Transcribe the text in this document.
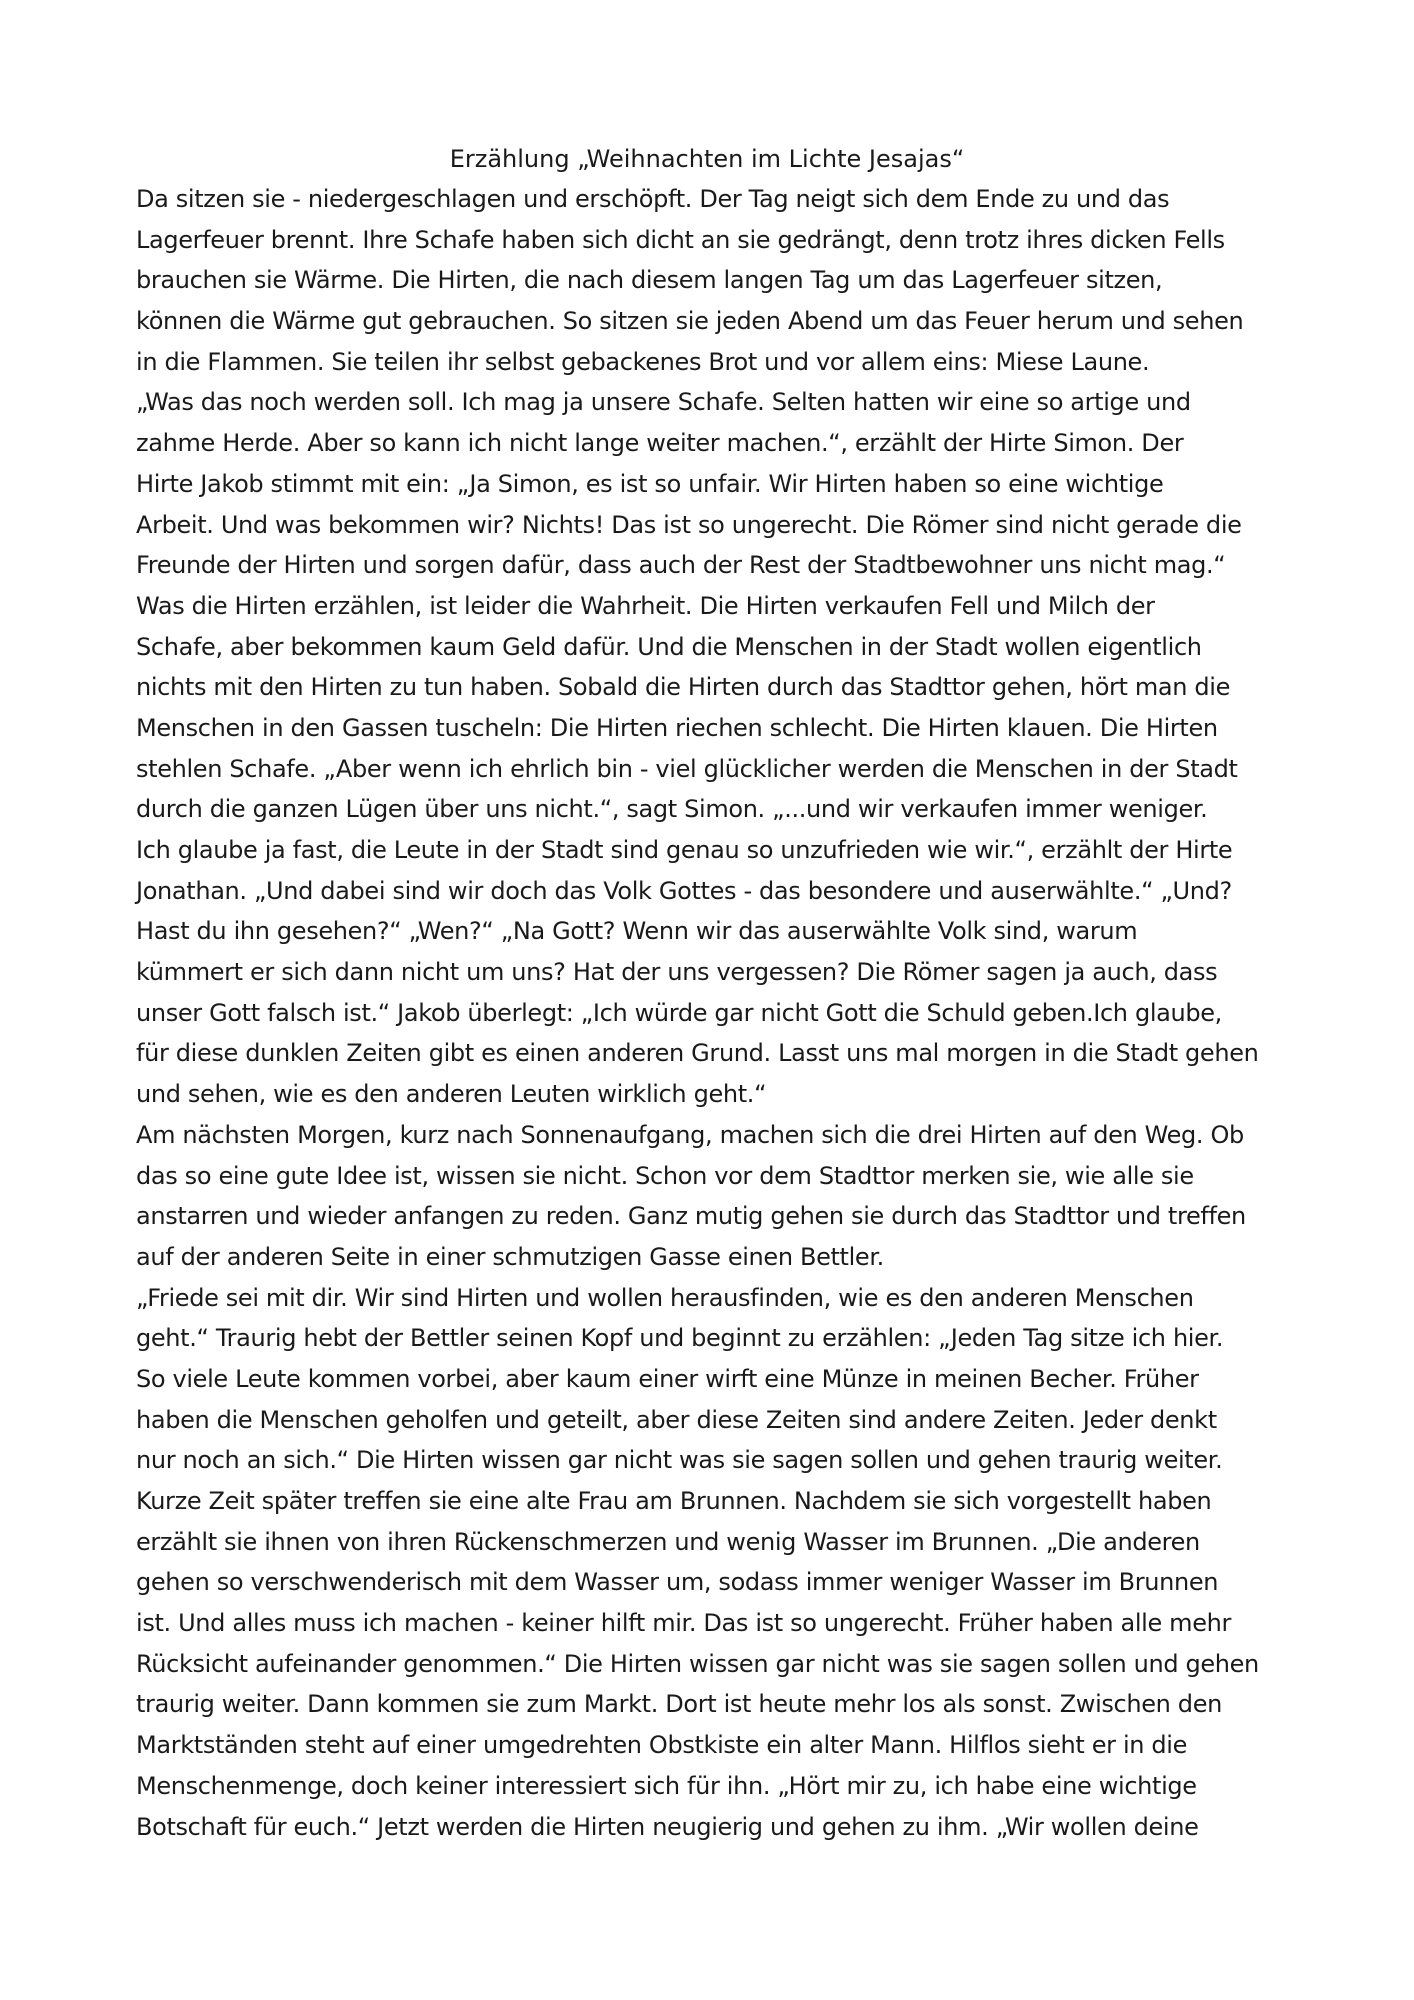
Erzählung „Weihnachten im Lichte Jesajas“
Da sitzen sie - niedergeschlagen und erschöpft. Der Tag neigt sich dem Ende zu und das
Lagerfeuer brennt. Ihre Schafe haben sich dicht an sie gedrängt, denn trotz ihres dicken Fells
brauchen sie Wärme. Die Hirten, die nach diesem langen Tag um das Lagerfeuer sitzen,
können die Wärme gut gebrauchen. So sitzen sie jeden Abend um das Feuer herum und sehen
in die Flammen. Sie teilen ihr selbst gebackenes Brot und vor allem eins: Miese Laune.
„Was das noch werden soll. Ich mag ja unsere Schafe. Selten hatten wir eine so artige und
zahme Herde. Aber so kann ich nicht lange weiter machen.“, erzählt der Hirte Simon. Der
Hirte Jakob stimmt mit ein: „Ja Simon, es ist so unfair. Wir Hirten haben so eine wichtige
Arbeit. Und was bekommen wir? Nichts! Das ist so ungerecht. Die Römer sind nicht gerade die
Freunde der Hirten und sorgen dafür, dass auch der Rest der Stadtbewohner uns nicht mag.“
Was die Hirten erzählen, ist leider die Wahrheit. Die Hirten verkaufen Fell und Milch der
Schafe, aber bekommen kaum Geld dafür. Und die Menschen in der Stadt wollen eigentlich
nichts mit den Hirten zu tun haben. Sobald die Hirten durch das Stadttor gehen, hört man die
Menschen in den Gassen tuscheln: Die Hirten riechen schlecht. Die Hirten klauen. Die Hirten
stehlen Schafe. „Aber wenn ich ehrlich bin - viel glücklicher werden die Menschen in der Stadt
durch die ganzen Lügen über uns nicht.“, sagt Simon. „...und wir verkaufen immer weniger.
Ich glaube ja fast, die Leute in der Stadt sind genau so unzufrieden wie wir.“, erzählt der Hirte
Jonathan. „Und dabei sind wir doch das Volk Gottes - das besondere und auserwählte.“ „Und?
Hast du ihn gesehen?“ „Wen?“ „Na Gott? Wenn wir das auserwählte Volk sind, warum
kümmert er sich dann nicht um uns? Hat der uns vergessen? Die Römer sagen ja auch, dass
unser Gott falsch ist.“ Jakob überlegt: „Ich würde gar nicht Gott die Schuld geben.Ich glaube,
für diese dunklen Zeiten gibt es einen anderen Grund. Lasst uns mal morgen in die Stadt gehen
und sehen, wie es den anderen Leuten wirklich geht.“
Am nächsten Morgen, kurz nach Sonnenaufgang, machen sich die drei Hirten auf den Weg. Ob
das so eine gute Idee ist, wissen sie nicht. Schon vor dem Stadttor merken sie, wie alle sie
anstarren und wieder anfangen zu reden. Ganz mutig gehen sie durch das Stadttor und treffen
auf der anderen Seite in einer schmutzigen Gasse einen Bettler.
„Friede sei mit dir. Wir sind Hirten und wollen herausfinden, wie es den anderen Menschen
geht.“ Traurig hebt der Bettler seinen Kopf und beginnt zu erzählen: „Jeden Tag sitze ich hier.
So viele Leute kommen vorbei, aber kaum einer wirft eine Münze in meinen Becher. Früher
haben die Menschen geholfen und geteilt, aber diese Zeiten sind andere Zeiten. Jeder denkt
nur noch an sich.“ Die Hirten wissen gar nicht was sie sagen sollen und gehen traurig weiter.
Kurze Zeit später treffen sie eine alte Frau am Brunnen. Nachdem sie sich vorgestellt haben
erzählt sie ihnen von ihren Rückenschmerzen und wenig Wasser im Brunnen. „Die anderen
gehen so verschwenderisch mit dem Wasser um, sodass immer weniger Wasser im Brunnen
ist. Und alles muss ich machen - keiner hilft mir. Das ist so ungerecht. Früher haben alle mehr
Rücksicht aufeinander genommen.“ Die Hirten wissen gar nicht was sie sagen sollen und gehen
traurig weiter. Dann kommen sie zum Markt. Dort ist heute mehr los als sonst. Zwischen den
Marktständen steht auf einer umgedrehten Obstkiste ein alter Mann. Hilflos sieht er in die
Menschenmenge, doch keiner interessiert sich für ihn. „Hört mir zu, ich habe eine wichtige
Botschaft für euch.“ Jetzt werden die Hirten neugierig und gehen zu ihm. „Wir wollen deine
